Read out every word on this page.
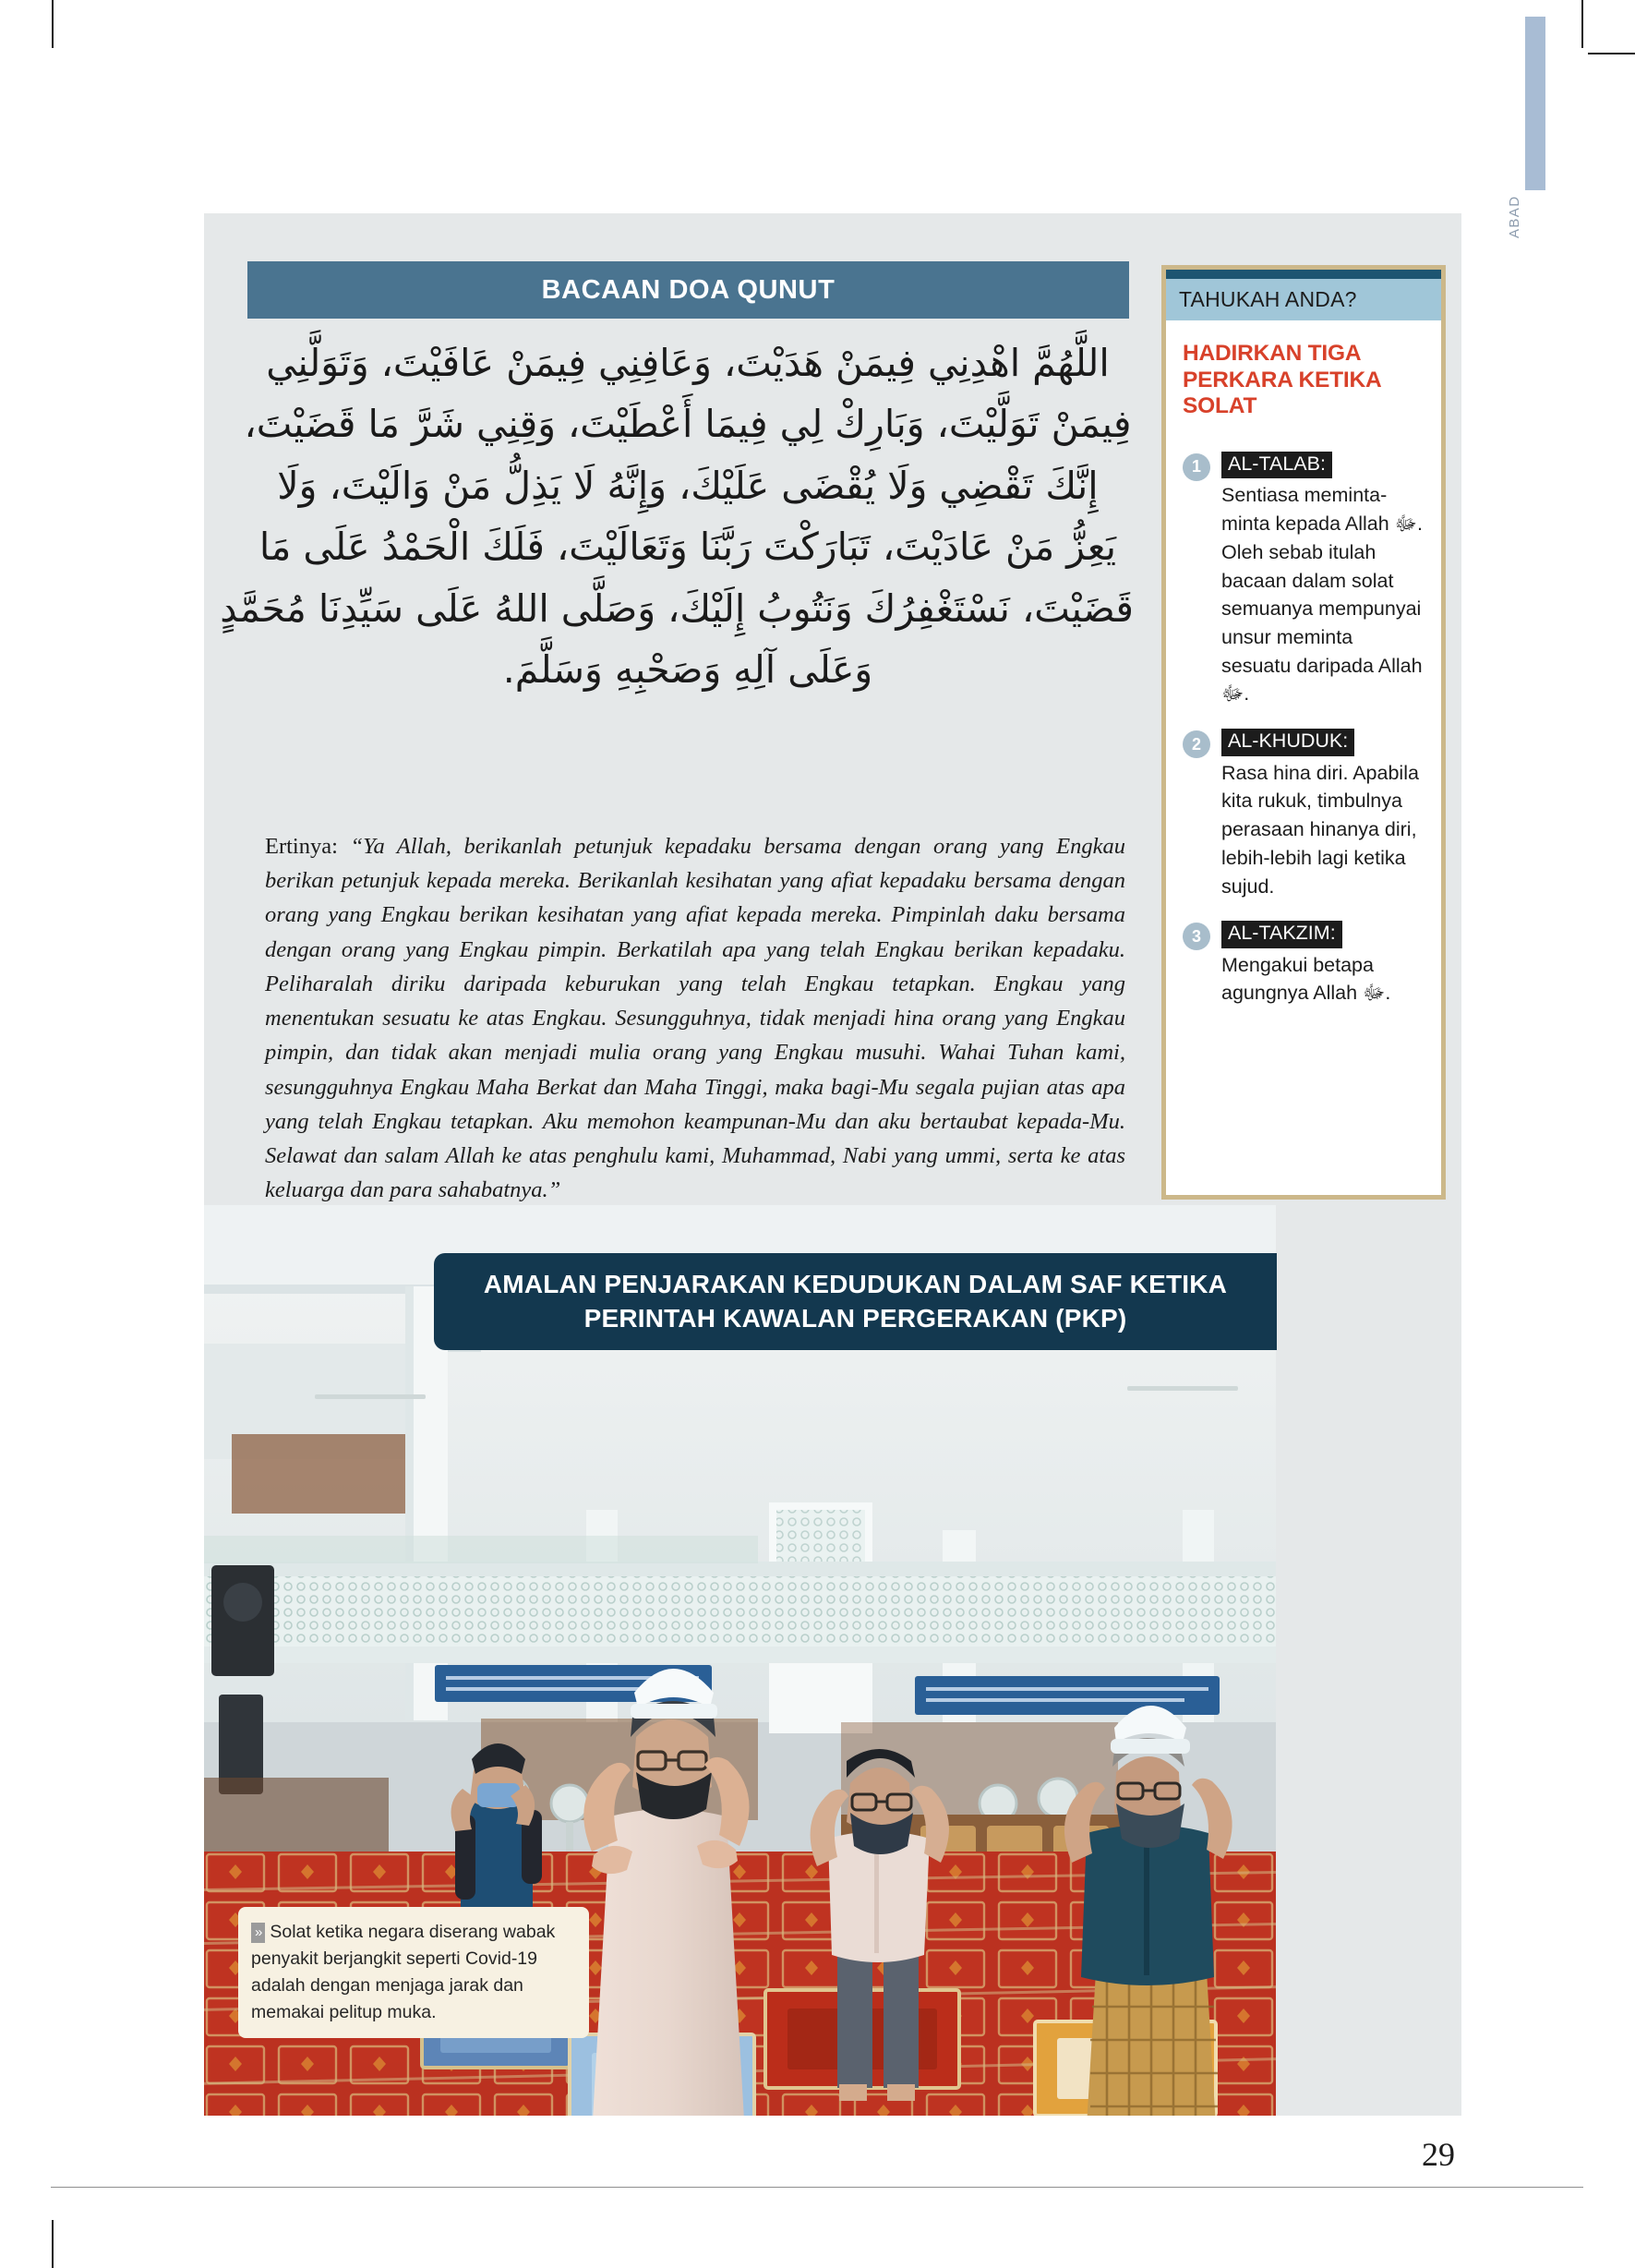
ABAD
BACAAN DOA QUNUT
اللَّهُمَّ اهْدِنِي فِيمَنْ هَدَيْتَ، وَعَافِنِي فِيمَنْ عَافَيْتَ، وَتَوَلَّنِي
فِيمَنْ تَوَلَّيْتَ، وَبَارِكْ لِي فِيمَا أَعْطَيْتَ، وَقِنِي شَرَّ مَا قَضَيْتَ،
إِنَّكَ تَقْضِي وَلَا يُقْضَى عَلَيْكَ، وَإِنَّهُ لَا يَذِلُّ مَنْ وَالَيْتَ، وَلَا
يَعِزُّ مَنْ عَادَيْتَ، تَبَارَكْتَ رَبَّنَا وَتَعَالَيْتَ، فَلَكَ الْحَمْدُ عَلَى مَا
قَضَيْتَ، نَسْتَغْفِرُكَ وَنَتُوبُ إِلَيْكَ، وَصَلَّى اللهُ عَلَى سَيِّدِنَا مُحَمَّدٍ
وَعَلَى آلِهِ وَصَحْبِهِ وَسَلَّمَ.
Ertinya: “Ya Allah, berikanlah petunjuk kepadaku bersama dengan orang yang Engkau berikan petunjuk kepada mereka. Berikanlah kesihatan yang afiat kepadaku bersama dengan orang yang Engkau berikan kesihatan yang afiat kepada mereka. Pimpinlah daku bersama dengan orang yang Engkau pimpin. Berkatilah apa yang telah Engkau berikan kepadaku. Peliharalah diriku daripada keburukan yang telah Engkau tetapkan. Engkau yang menentukan sesuatu ke atas Engkau. Sesungguhnya, tidak menjadi hina orang yang Engkau pimpin, dan tidak akan menjadi mulia orang yang Engkau musuhi. Wahai Tuhan kami, sesungguhnya Engkau Maha Berkat dan Maha Tinggi, maka bagi-Mu segala pujian atas apa yang telah Engkau tetapkan. Aku memohon keampunan-Mu dan aku bertaubat kepada-Mu. Selawat dan salam Allah ke atas penghulu kami, Muhammad, Nabi yang ummi, serta ke atas keluarga dan para sahabatnya.”
TAHUKAH ANDA?
HADIRKAN TIGA PERKARA KETIKA SOLAT
1	AL-TALAB:
Sentiasa meminta-minta kepada Allah ﷻ. Oleh sebab itulah bacaan dalam solat semuanya mempunyai unsur meminta sesuatu daripada Allah ﷻ.
2	AL-KHUDUK:
Rasa hina diri. Apabila kita rukuk, timbulnya perasaan hinanya diri, lebih-lebih lagi ketika sujud.
3	AL-TAKZIM:
Mengakui betapa agungnya Allah ﷻ.
AMALAN PENJARAKAN KEDUDUKAN DALAM SAF KETIKA
PERINTAH KAWALAN PERGERAKAN (PKP)
» Solat ketika negara diserang wabak penyakit berjangkit seperti Covid-19 adalah dengan menjaga jarak dan memakai pelitup muka.
29
